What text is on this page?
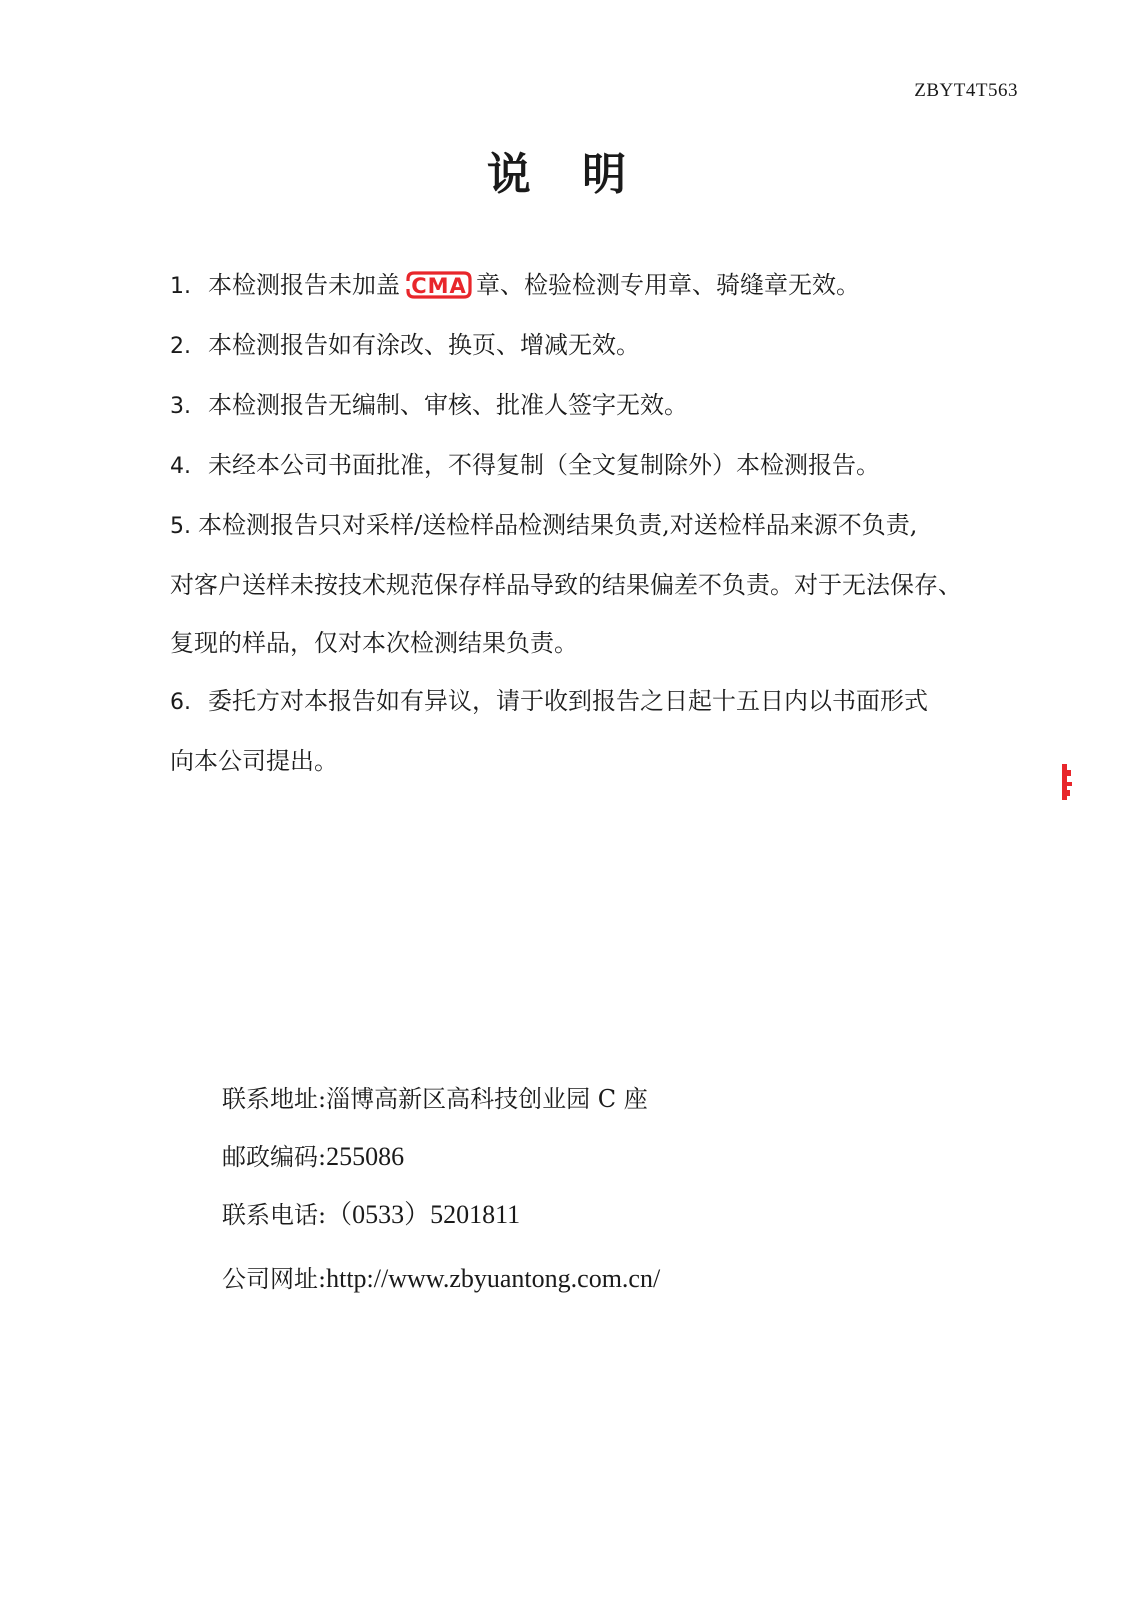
ZBYT4T563
说 明

1. 本检测报告未加盖 CMA 章、检验检测专用章、骑缝章无效。

2. 本检测报告如有涂改、换页、增减无效。

3. 本检测报告无编制、审核、批准人签字无效。

4. 未经本公司书面批准，不得复制（全文复制除外）本检测报告。

5. 本检测报告只对采样/送检样品检测结果负责,对送检样品来源不负责,
对客户送样未按技术规范保存样品导致的结果偏差不负责。对于无法保存、
复现的样品，仅对本次检测结果负责。

6. 委托方对本报告如有异议，请于收到报告之日起十五日内以书面形式
向本公司提出。

联系地址:淄博高新区高科技创业园 C 座

邮政编码:255086

联系电话:（0533）5201811

公司网址:http://www.zbyuantong.com.cn/
